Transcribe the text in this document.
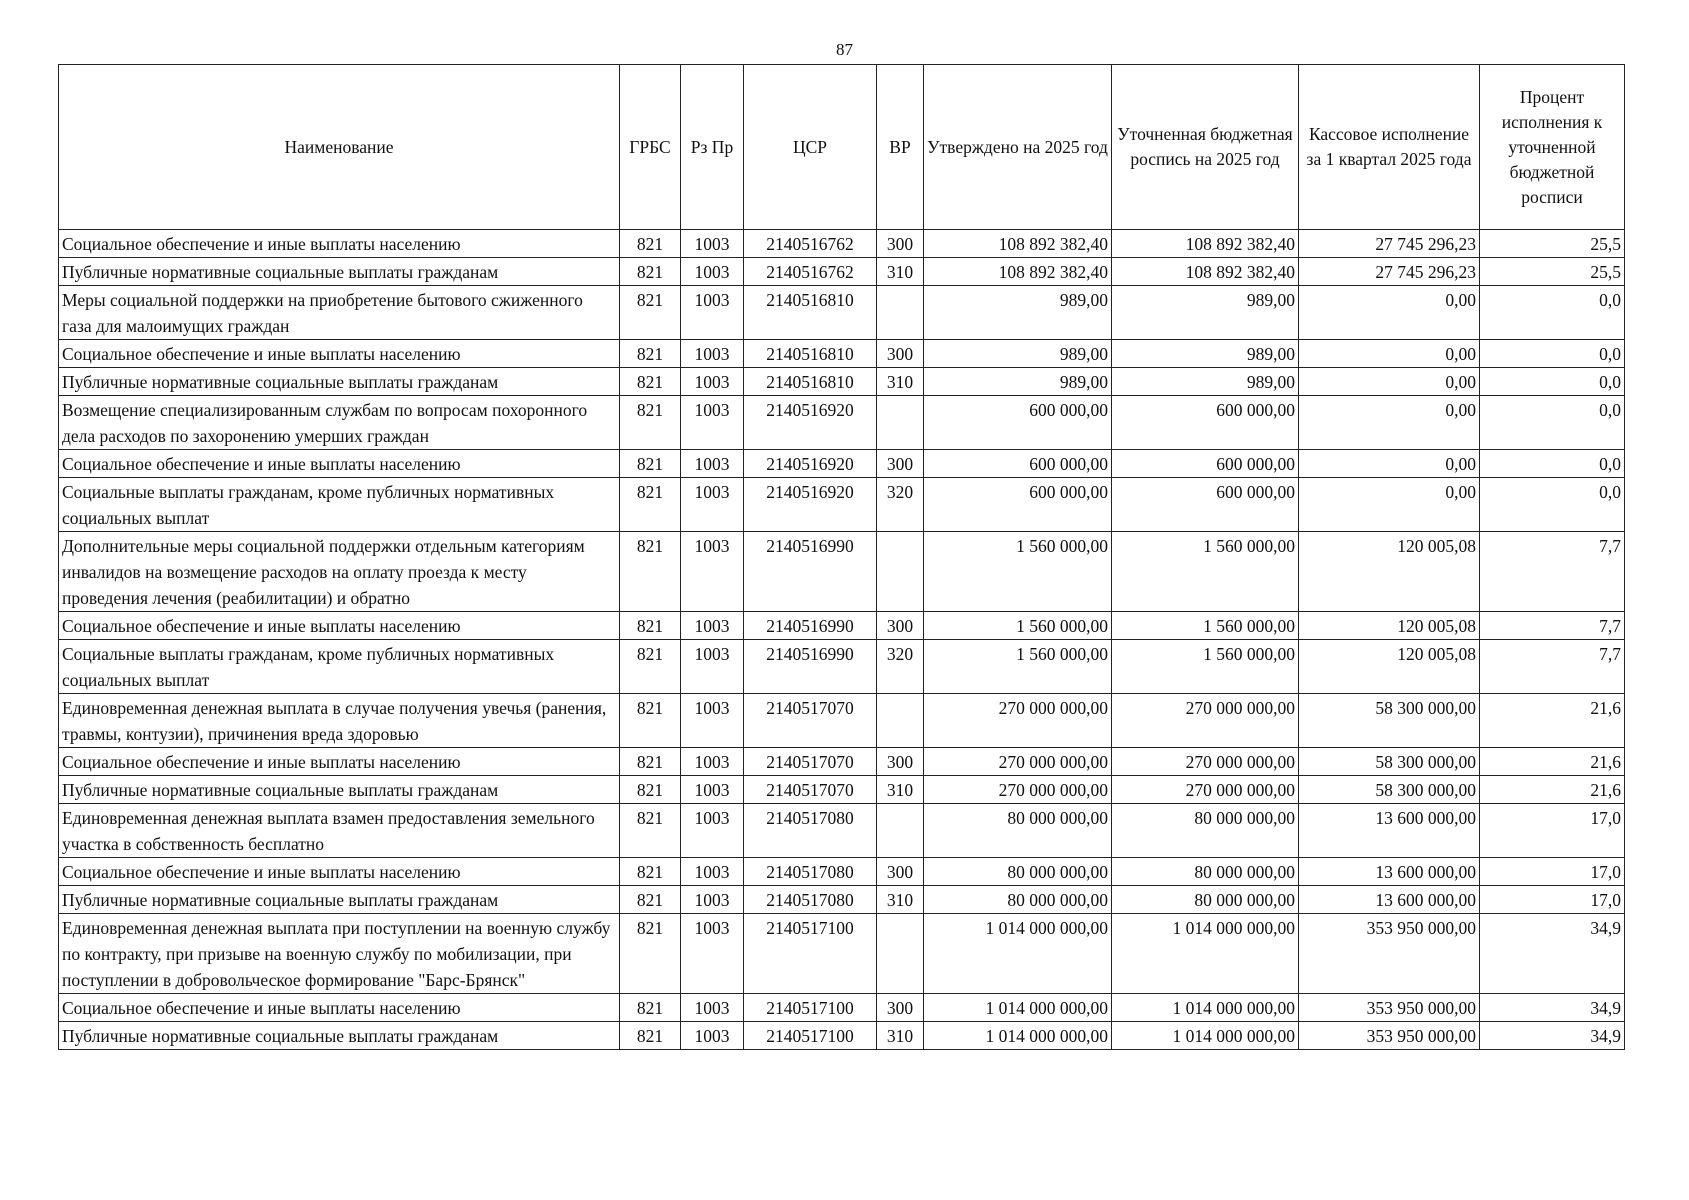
87
Наименование	ГРБС	Рз Пр	ЦСР	ВР	Утверждено на 2025 год	Уточненная бюджетная роспись на 2025 год	Кассовое исполнение за 1 квартал 2025 года	Процент исполнения к уточненной бюджетной росписи
Социальное обеспечение и иные выплаты населению	821	1003	2140516762	300	108 892 382,40	108 892 382,40	27 745 296,23	25,5
Публичные нормативные социальные выплаты гражданам	821	1003	2140516762	310	108 892 382,40	108 892 382,40	27 745 296,23	25,5
Меры социальной поддержки на приобретение бытового сжиженного газа для малоимущих граждан	821	1003	2140516810		989,00	989,00	0,00	0,0
Социальное обеспечение и иные выплаты населению	821	1003	2140516810	300	989,00	989,00	0,00	0,0
Публичные нормативные социальные выплаты гражданам	821	1003	2140516810	310	989,00	989,00	0,00	0,0
Возмещение специализированным службам по вопросам похоронного дела расходов по захоронению умерших граждан	821	1003	2140516920		600 000,00	600 000,00	0,00	0,0
Социальное обеспечение и иные выплаты населению	821	1003	2140516920	300	600 000,00	600 000,00	0,00	0,0
Социальные выплаты гражданам, кроме публичных нормативных социальных выплат	821	1003	2140516920	320	600 000,00	600 000,00	0,00	0,0
Дополнительные меры социальной поддержки отдельным категориям инвалидов на возмещение расходов на оплату проезда к месту проведения лечения (реабилитации) и обратно	821	1003	2140516990		1 560 000,00	1 560 000,00	120 005,08	7,7
Социальное обеспечение и иные выплаты населению	821	1003	2140516990	300	1 560 000,00	1 560 000,00	120 005,08	7,7
Социальные выплаты гражданам, кроме публичных нормативных социальных выплат	821	1003	2140516990	320	1 560 000,00	1 560 000,00	120 005,08	7,7
Единовременная денежная выплата в случае получения увечья (ранения, травмы, контузии), причинения вреда здоровью	821	1003	2140517070		270 000 000,00	270 000 000,00	58 300 000,00	21,6
Социальное обеспечение и иные выплаты населению	821	1003	2140517070	300	270 000 000,00	270 000 000,00	58 300 000,00	21,6
Публичные нормативные социальные выплаты гражданам	821	1003	2140517070	310	270 000 000,00	270 000 000,00	58 300 000,00	21,6
Единовременная денежная выплата взамен предоставления земельного участка в собственность бесплатно	821	1003	2140517080		80 000 000,00	80 000 000,00	13 600 000,00	17,0
Социальное обеспечение и иные выплаты населению	821	1003	2140517080	300	80 000 000,00	80 000 000,00	13 600 000,00	17,0
Публичные нормативные социальные выплаты гражданам	821	1003	2140517080	310	80 000 000,00	80 000 000,00	13 600 000,00	17,0
Единовременная денежная выплата при поступлении на военную службу по контракту, при призыве на военную службу по мобилизации, при поступлении в добровольческое формирование "Барс-Брянск"	821	1003	2140517100		1 014 000 000,00	1 014 000 000,00	353 950 000,00	34,9
Социальное обеспечение и иные выплаты населению	821	1003	2140517100	300	1 014 000 000,00	1 014 000 000,00	353 950 000,00	34,9
Публичные нормативные социальные выплаты гражданам	821	1003	2140517100	310	1 014 000 000,00	1 014 000 000,00	353 950 000,00	34,9
